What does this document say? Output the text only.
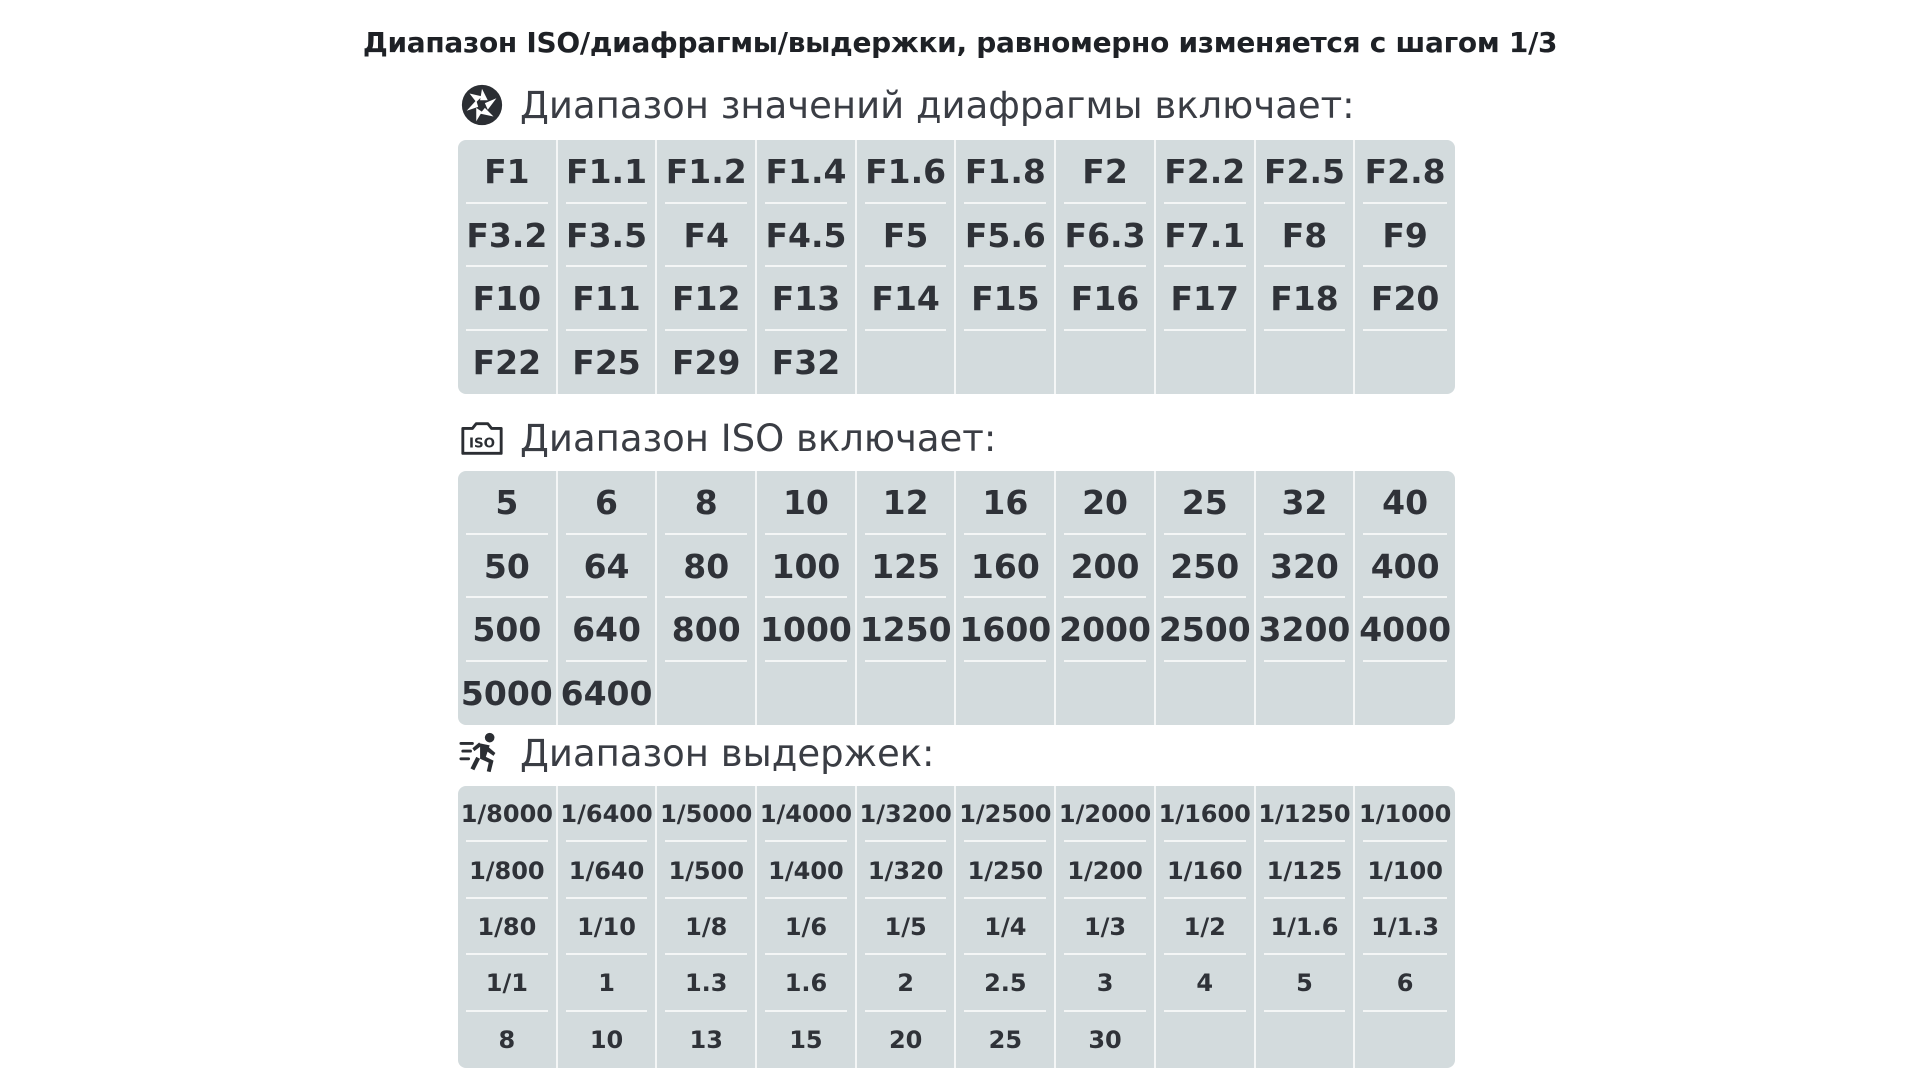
Диапазон ISO/диафрагмы/выдержки, равномерно изменяется с шагом 1/3
Диапазон значений диафрагмы включает:
F1	F1.1 F1.2 F1.4 F1.6 F1.8	F2	F2.2 F2.5 F2.8
F3.2 F3.5	F4	F4.5	F5	F5.6 F6.3 F7.1	F8	F9
F10 F11 F12 F13 F14 F15 F16 F17 F18 F20
F22 F25 F29 F32
ISO Диапазон ISO включает:
5	6	8	10	12	16	20	25	32	40
50	64	80	100 125 160 200 250 320 400
500 640 800 1000 1250 1600 2000 2500 3200 4000
5000 6400
Диапазон выдержек:
1/8000 1/6400 1/5000 1/4000 1/3200 1/2500 1/2000 1/1600 1/1250 1/1000
1/800	1/640	1/500	1/400	1/320	1/250	1/200	1/160	1/125	1/100
1/80	1/10	1/8	1/6	1/5	1/4	1/3	1/2	1/1.6	1/1.3
1/1	1	1.3	1.6	2	2.5	3	4	5	6
8	10	13	15	20	25	30
